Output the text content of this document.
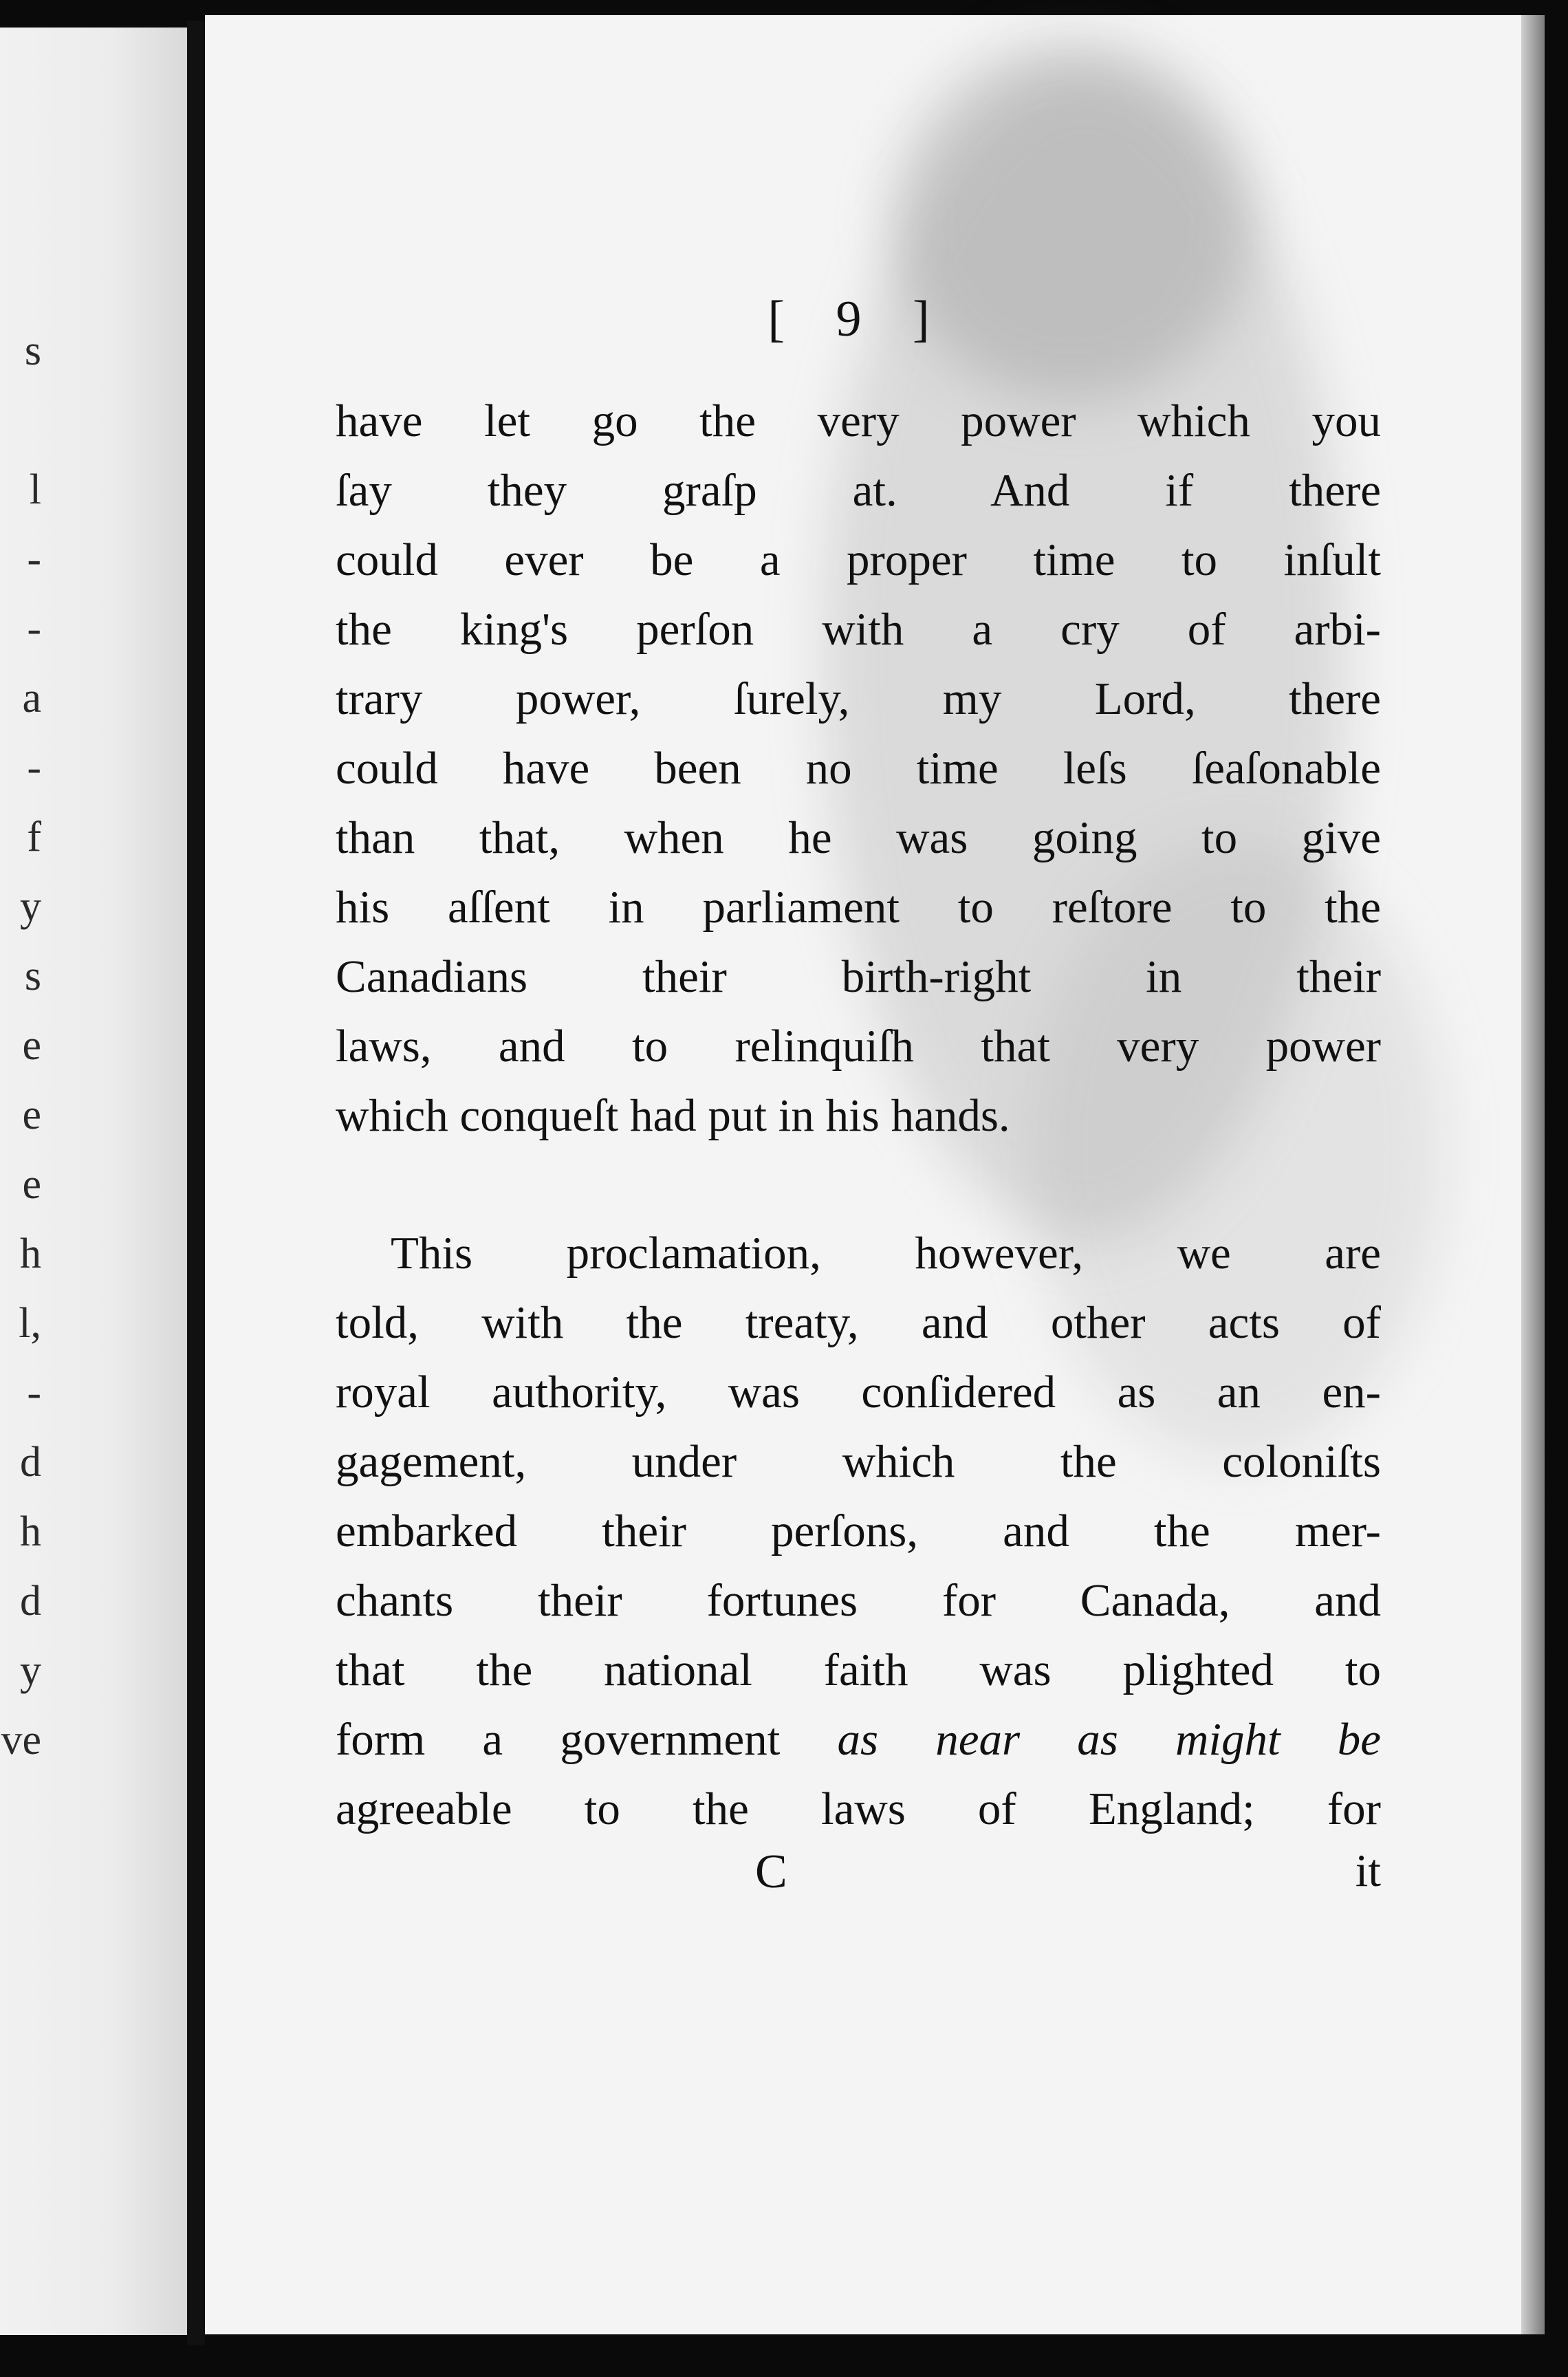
s

l
-
-
a
-
f
y
s
e
e
e
h
l,
-
d
h
d
y
ve
[ 9 ]
have let go the very power which you
ſay they graſp at. And if there
could ever be a proper time to inſult
the king's perſon with a cry of arbi-
trary power, ſurely, my Lord, there
could have been no time leſs ſeaſonable
than that, when he was going to give
his aſſent in parliament to reſtore to the
Canadians their birth-right in their
laws, and to relinquiſh that very power
which conqueſt had put in his hands.
This proclamation, however, we are
told, with the treaty, and other acts of
royal authority, was conſidered as an en-
gagement, under which the coloniſts
embarked their perſons, and the mer-
chants their fortunes for Canada, and
that the national faith was plighted to
form a government as near as might be
agreeable to the laws of England; for
C	it
